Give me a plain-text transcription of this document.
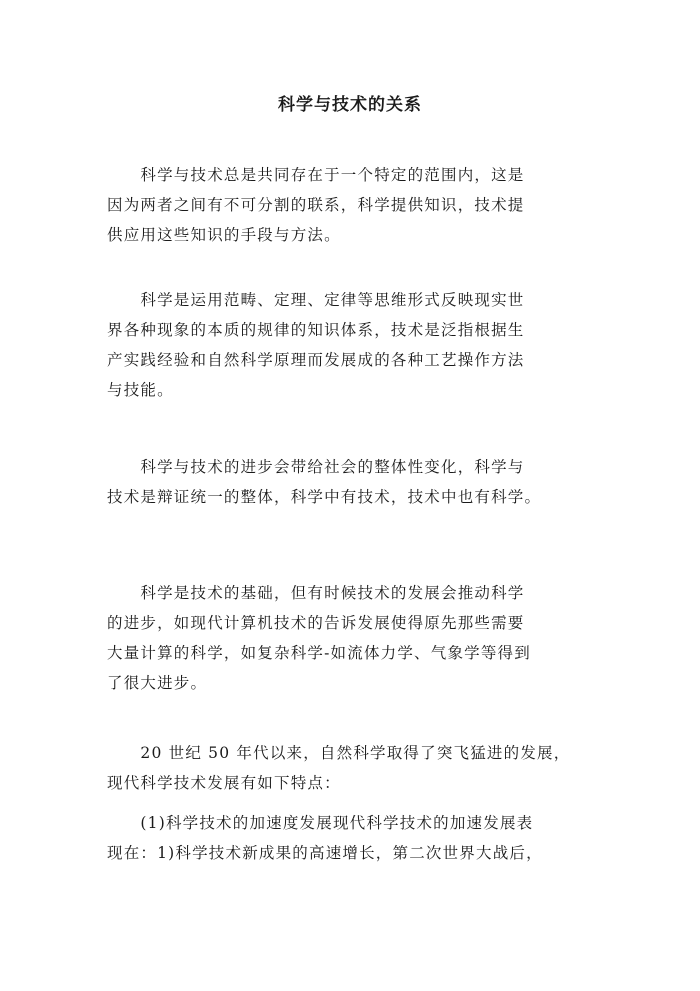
科学与技术的关系
　　科学与技术总是共同存在于一个特定的范围内，这是
因为两者之间有不可分割的联系，科学提供知识，技术提
供应用这些知识的手段与方法。
　　科学是运用范畴、定理、定律等思维形式反映现实世
界各种现象的本质的规律的知识体系，技术是泛指根据生
产实践经验和自然科学原理而发展成的各种工艺操作方法
与技能。
　　科学与技术的进步会带给社会的整体性变化，科学与
技术是辩证统一的整体，科学中有技术，技术中也有科学。
　　科学是技术的基础，但有时候技术的发展会推动科学
的进步，如现代计算机技术的告诉发展使得原先那些需要
大量计算的科学，如复杂科学-如流体力学、气象学等得到
了很大进步。
　　20 世纪 50 年代以来，自然科学取得了突飞猛进的发展，
现代科学技术发展有如下特点：
　　(1)科学技术的加速度发展现代科学技术的加速发展表
现在：1)科学技术新成果的高速增长，第二次世界大战后，
